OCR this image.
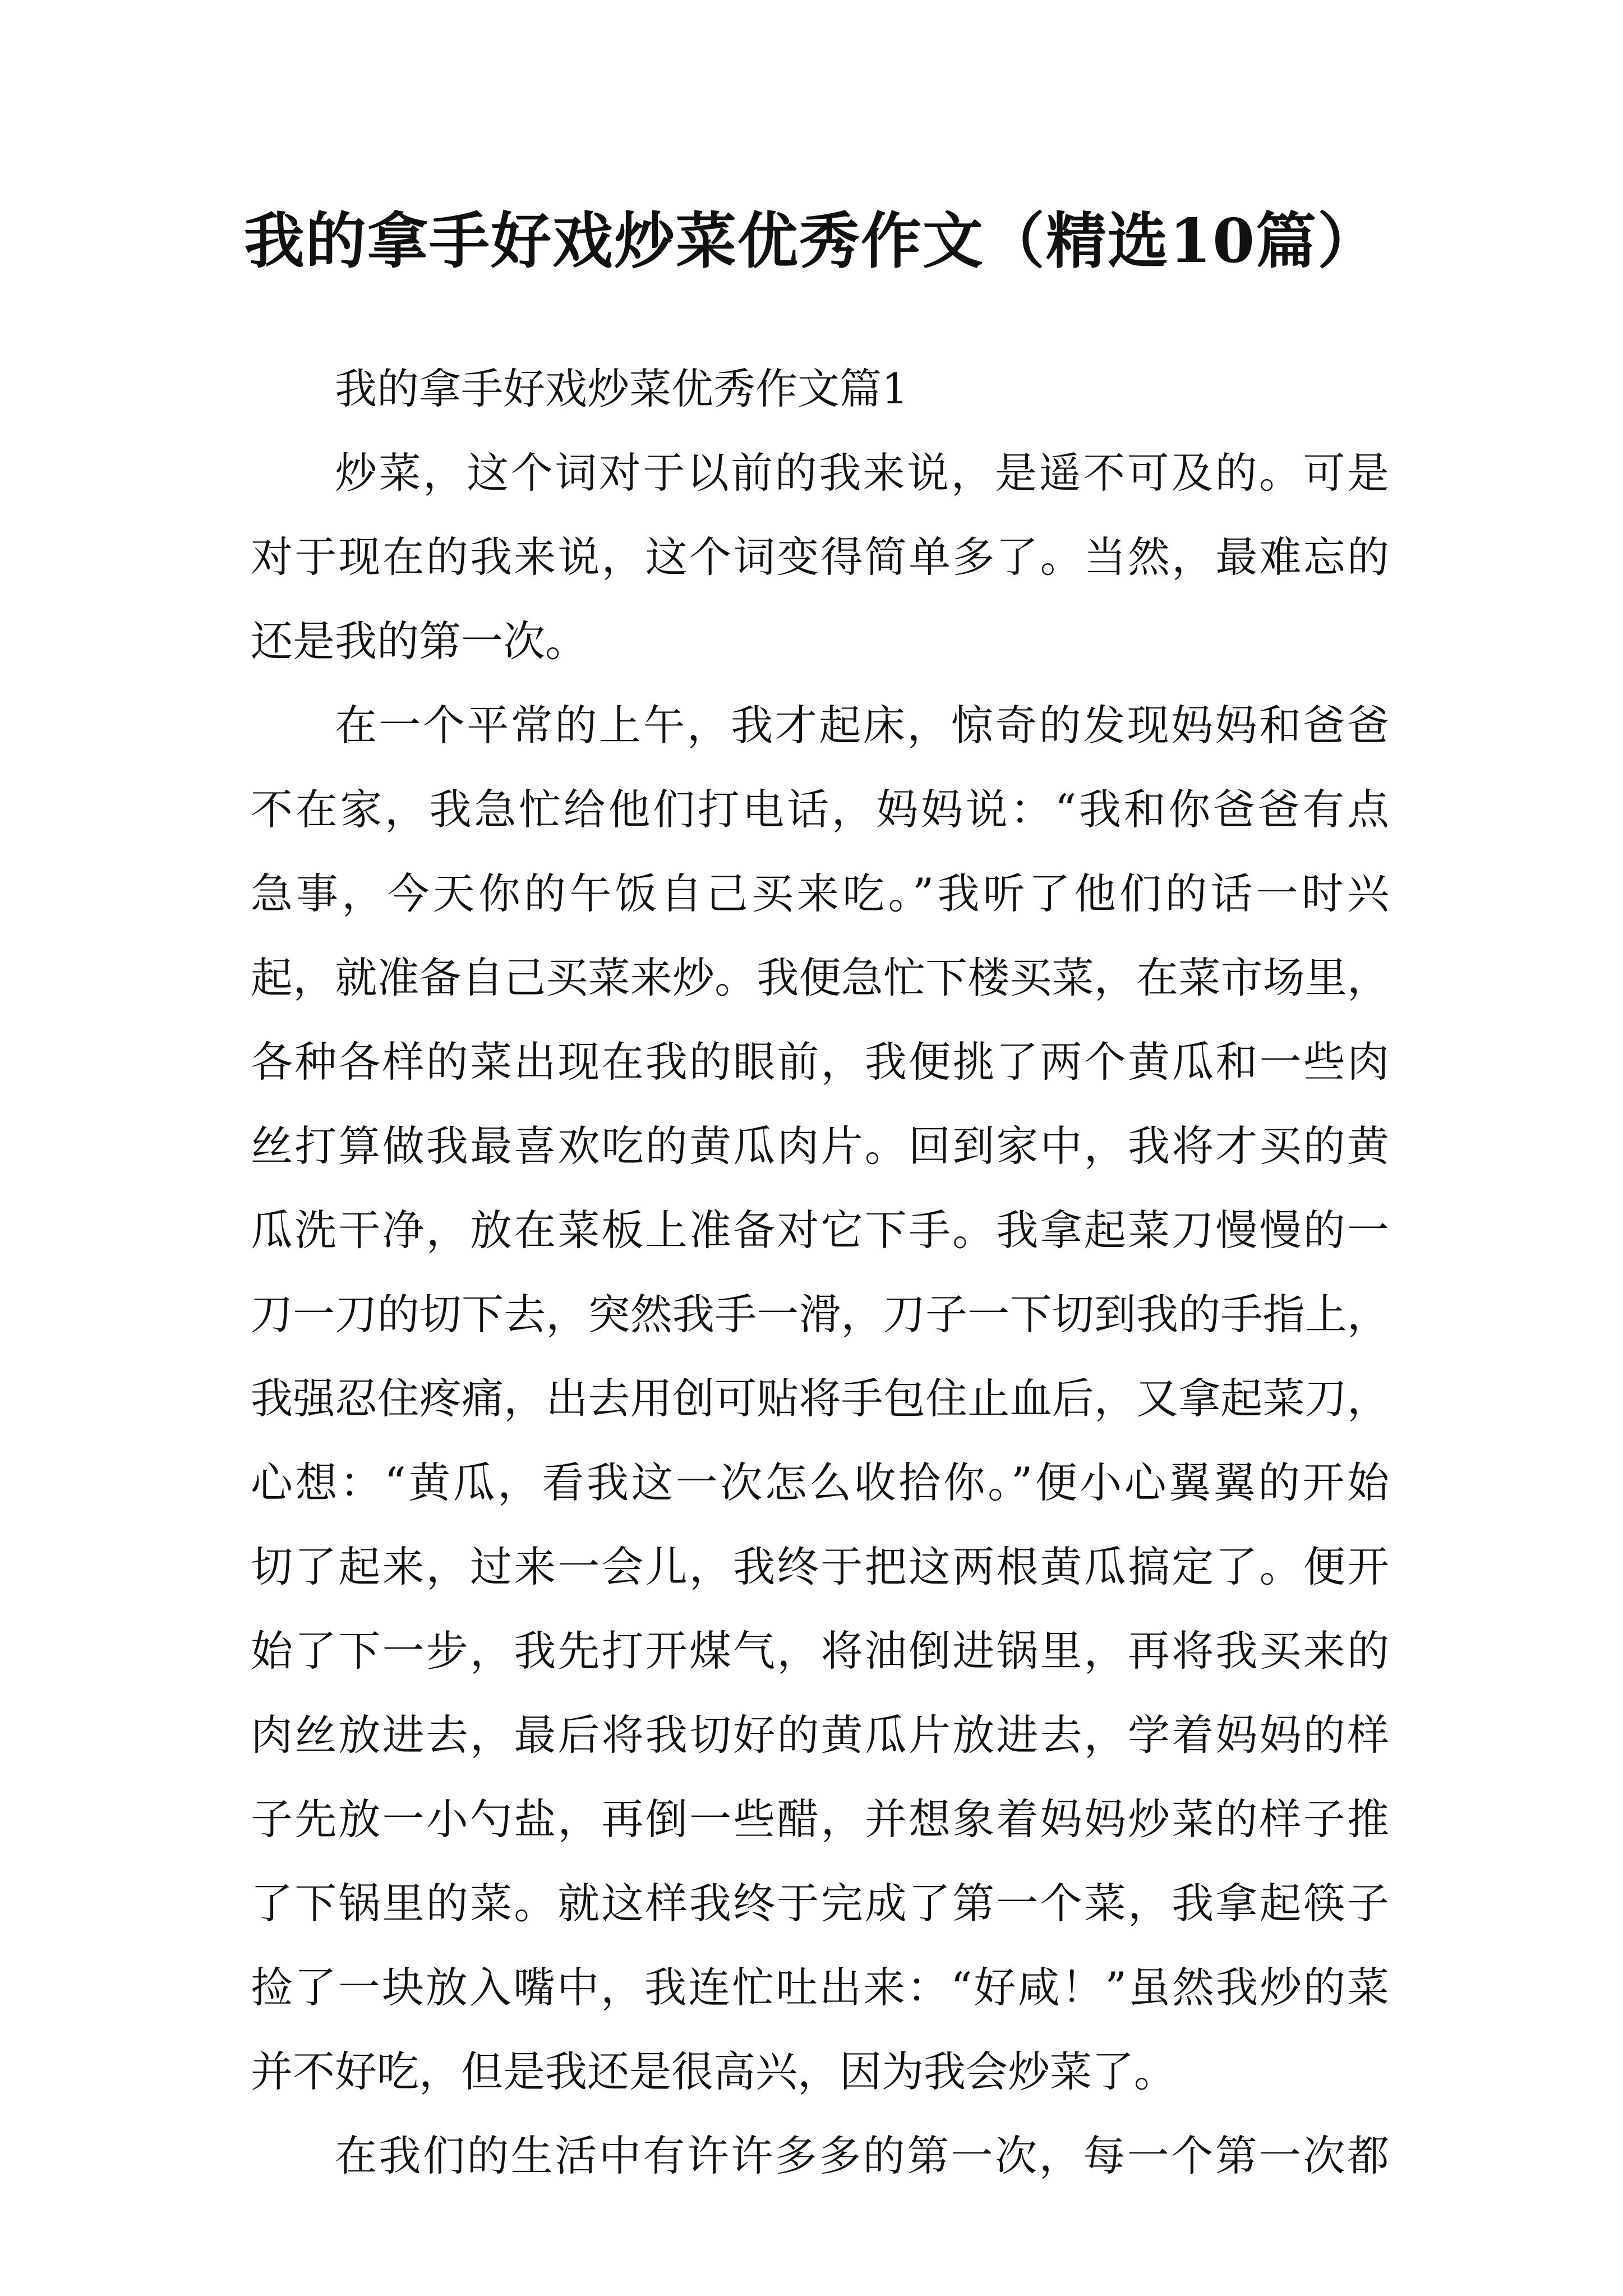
我的拿手好戏炒菜优秀作文（精选10篇）
我的拿手好戏炒菜优秀作文篇1

炒菜，这个词对于以前的我来说，是遥不可及的。可是
对于现在的我来说，这个词变得简单多了。当然，最难忘的
还是我的第一次。

在一个平常的上午，我才起床，惊奇的发现妈妈和爸爸
不在家，我急忙给他们打电话，妈妈说：“我和你爸爸有点
急事，今天你的午饭自己买来吃。”我听了他们的话一时兴
起，就准备自己买菜来炒。我便急忙下楼买菜，在菜市场里，
各种各样的菜出现在我的眼前，我便挑了两个黄瓜和一些肉
丝打算做我最喜欢吃的黄瓜肉片。回到家中，我将才买的黄
瓜洗干净，放在菜板上准备对它下手。我拿起菜刀慢慢的一
刀一刀的切下去，突然我手一滑，刀子一下切到我的手指上，
我强忍住疼痛，出去用创可贴将手包住止血后，又拿起菜刀，
心想：“黄瓜，看我这一次怎么收拾你。”便小心翼翼的开始
切了起来，过来一会儿，我终于把这两根黄瓜搞定了。便开
始了下一步，我先打开煤气，将油倒进锅里，再将我买来的
肉丝放进去，最后将我切好的黄瓜片放进去，学着妈妈的样
子先放一小勺盐，再倒一些醋，并想象着妈妈炒菜的样子推
了下锅里的菜。就这样我终于完成了第一个菜，我拿起筷子
捡了一块放入嘴中，我连忙吐出来：“好咸！”虽然我炒的菜
并不好吃，但是我还是很高兴，因为我会炒菜了。

在我们的生活中有许许多多的第一次，每一个第一次都
